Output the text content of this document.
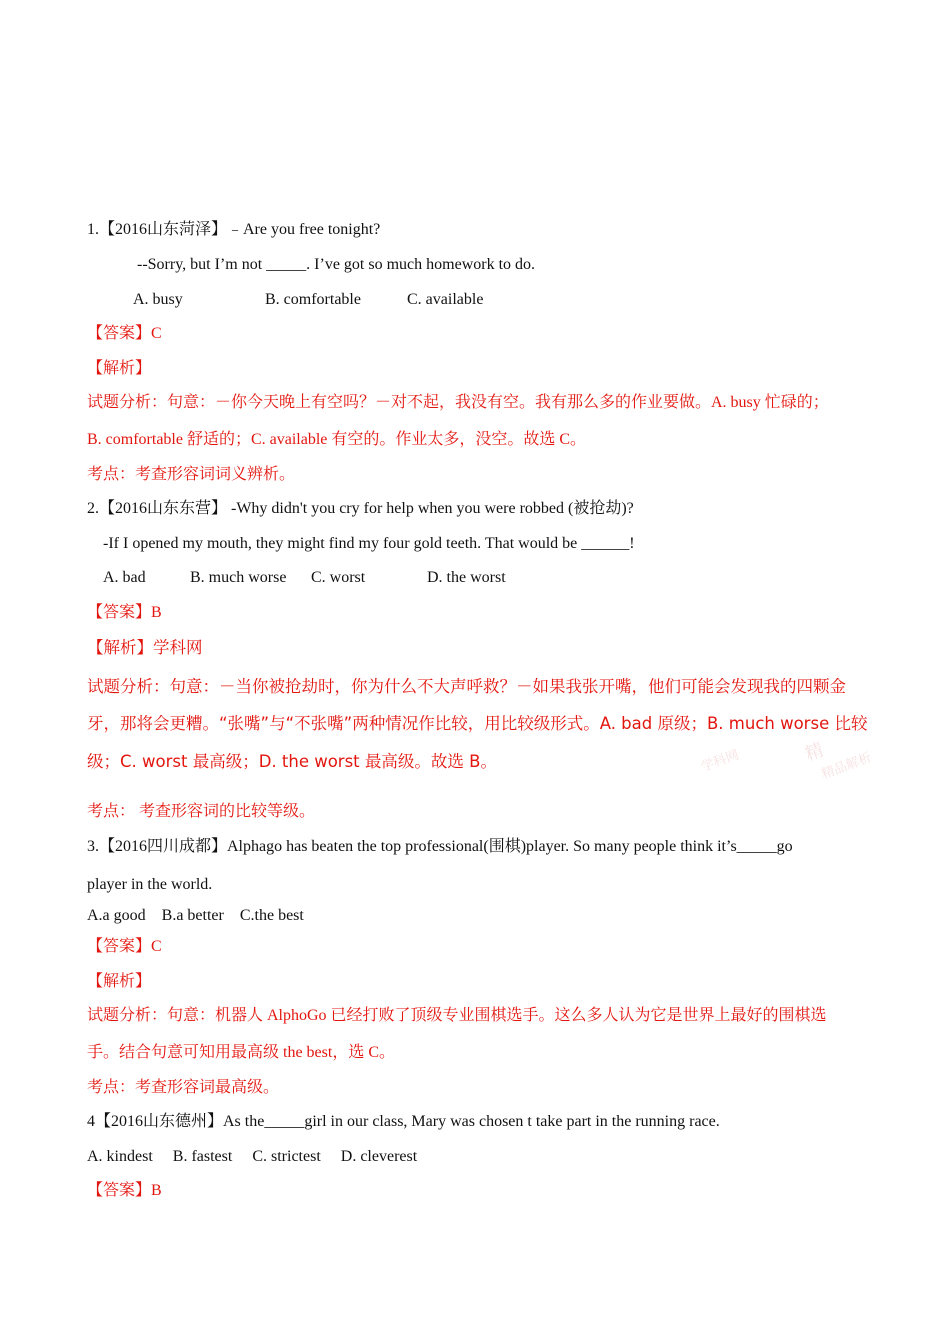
1.【2016山东菏泽】﹣Are you free tonight?
--Sorry, but I’m not _____. I’ve got so much homework to do.
A. busy	B. comfortable	C. available
【答案】C
【解析】
试题分析：句意：－你今天晚上有空吗？－对不起，我没有空。我有那么多的作业要做。A. busy 忙碌的；
B. comfortable 舒适的；C. available 有空的。作业太多，没空。故选 C。
考点：考查形容词词义辨析。
2.【2016山东东营】 -Why didn't you cry for help when you were robbed (被抢劫)?
-If I opened my mouth, they might find my four gold teeth. That would be ______!
A. bad	B. much worse C. worst	D. the worst
【答案】B
【解析】学科网
试题分析：句意：－当你被抢劫时，你为什么不大声呼救？－如果我张开嘴，他们可能会发现我的四颗金
牙，那将会更糟。“张嘴”与“不张嘴”两种情况作比较，用比较级形式。A. bad 原级；B. much worse 比较
级；C. worst 最高级；D. the worst 最高级。故选 B。	学科网	精
精品解析
考点： 考查形容词的比较等级。
3.【2016四川成都】Alphago has beaten the top professional(围棋)player. So many people think it’s_____go
player in the world.
A.a good    B.a better    C.the best
【答案】C
【解析】
试题分析：句意：机器人 AlphoGo 已经打败了顶级专业围棋选手。这么多人认为它是世界上最好的围棋选
手。结合句意可知用最高级 the best，选 C。
考点：考查形容词最高级。
4【2016山东德州】As the_____girl in our class, Mary was chosen t take part in the running race.
A. kindest     B. fastest     C. strictest     D. cleverest
【答案】B
